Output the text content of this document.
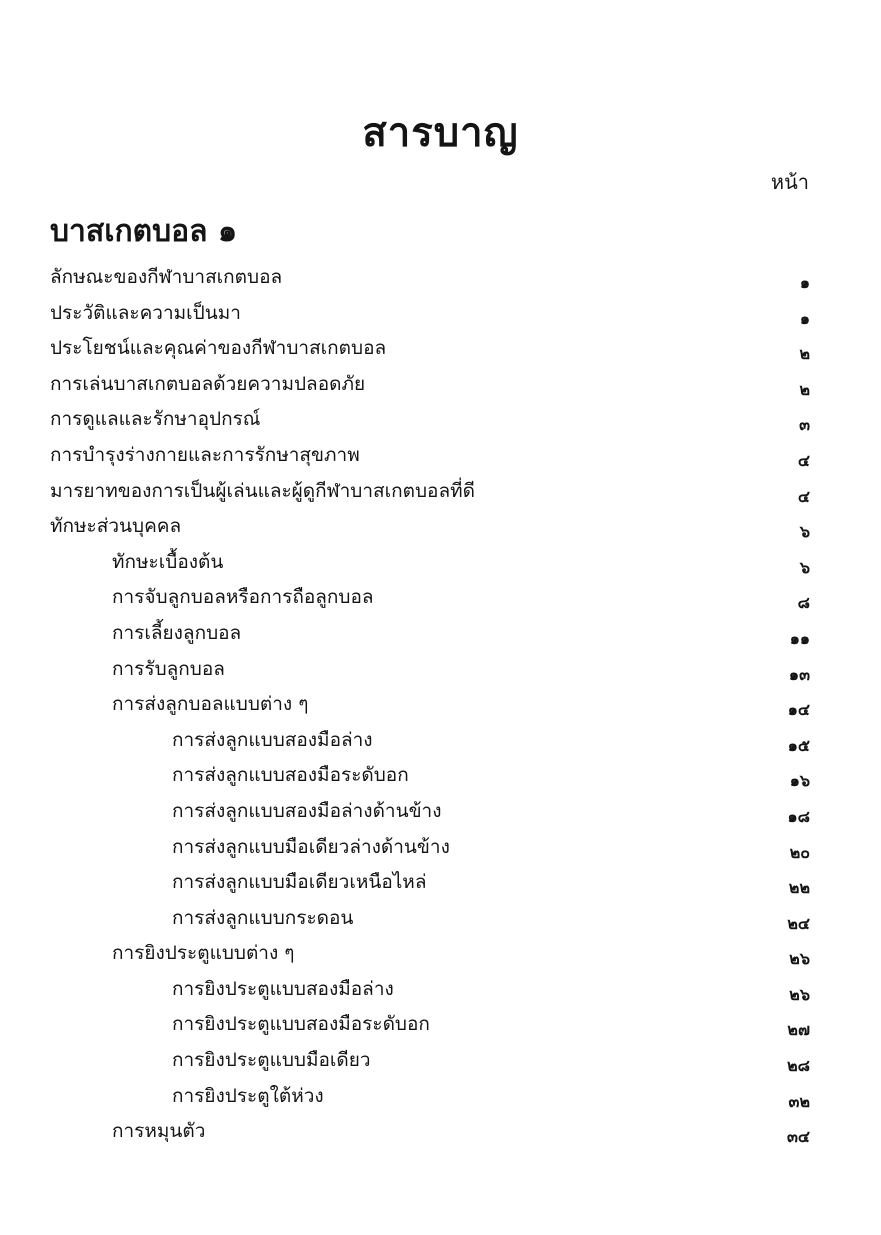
สารบาญ
หน้า
บาสเกตบอล ๑
ลักษณะของกีฬาบาสเกตบอล	๑
ประวัติและความเป็นมา	๑
ประโยชน์และคุณค่าของกีฬาบาสเกตบอล	๒
การเล่นบาสเกตบอลด้วยความปลอดภัย	๒
การดูแลและรักษาอุปกรณ์	๓
การบำรุงร่างกายและการรักษาสุขภาพ	๔
มารยาทของการเป็นผู้เล่นและผู้ดูกีฬาบาสเกตบอลที่ดี	๔
ทักษะส่วนบุคคล	๖
ทักษะเบื้องต้น	๖
การจับลูกบอลหรือการถือลูกบอล	๘
การเลี้ยงลูกบอล	๑๑
การรับลูกบอล	๑๓
การส่งลูกบอลแบบต่าง ๆ	๑๔
การส่งลูกแบบสองมือล่าง	๑๕
การส่งลูกแบบสองมือระดับอก	๑๖
การส่งลูกแบบสองมือล่างด้านข้าง	๑๘
การส่งลูกแบบมือเดียวล่างด้านข้าง	๒๐
การส่งลูกแบบมือเดียวเหนือไหล่	๒๒
การส่งลูกแบบกระดอน	๒๔
การยิงประตูแบบต่าง ๆ	๒๖
การยิงประตูแบบสองมือล่าง	๒๖
การยิงประตูแบบสองมือระดับอก	๒๗
การยิงประตูแบบมือเดียว	๒๘
การยิงประตูใต้ห่วง	๓๒
การหมุนตัว	๓๔
